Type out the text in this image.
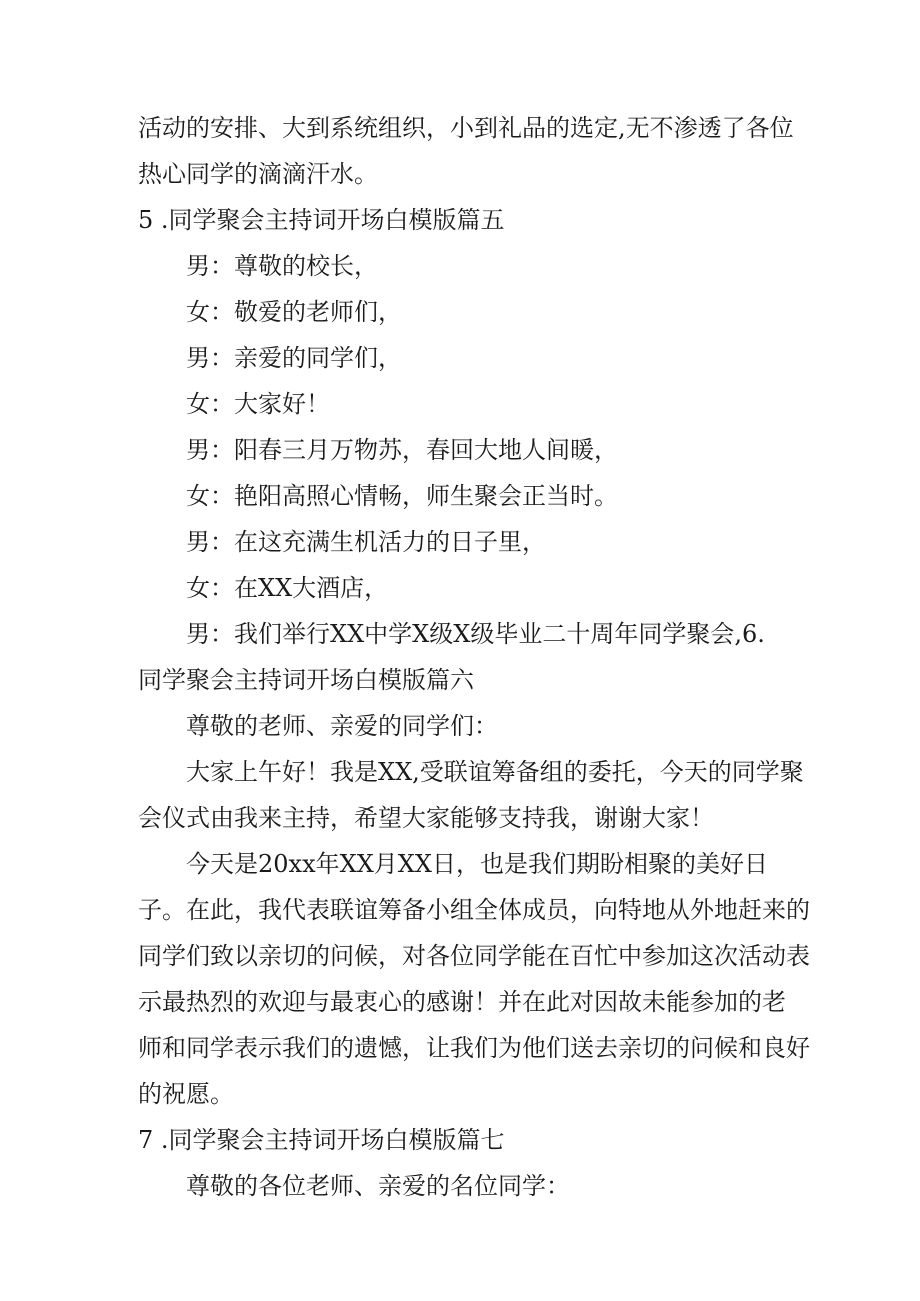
活动的安排、大到系统组织，小到礼品的选定,无不渗透了各位
热心同学的滴滴汗水。
5 .同学聚会主持词开场白模版篇五
男：尊敬的校长，
女：敬爱的老师们，
男：亲爱的同学们，
女：大家好！
男：阳春三月万物苏，春回大地人间暖，
女：艳阳高照心情畅，师生聚会正当时。
男：在这充满生机活力的日子里，
女：在XX大酒店，
男：我们举行XX中学X级X级毕业二十周年同学聚会,6.
同学聚会主持词开场白模版篇六
尊敬的老师、亲爱的同学们：
大家上午好！我是XX,受联谊筹备组的委托，今天的同学聚
会仪式由我来主持，希望大家能够支持我，谢谢大家！
今天是20xx年XX月XX日，也是我们期盼相聚的美好日
子。在此，我代表联谊筹备小组全体成员，向特地从外地赶来的
同学们致以亲切的问候，对各位同学能在百忙中参加这次活动表
示最热烈的欢迎与最衷心的感谢！并在此对因故未能参加的老
师和同学表示我们的遗憾，让我们为他们送去亲切的问候和良好
的祝愿。
7 .同学聚会主持词开场白模版篇七
尊敬的各位老师、亲爱的名位同学：
